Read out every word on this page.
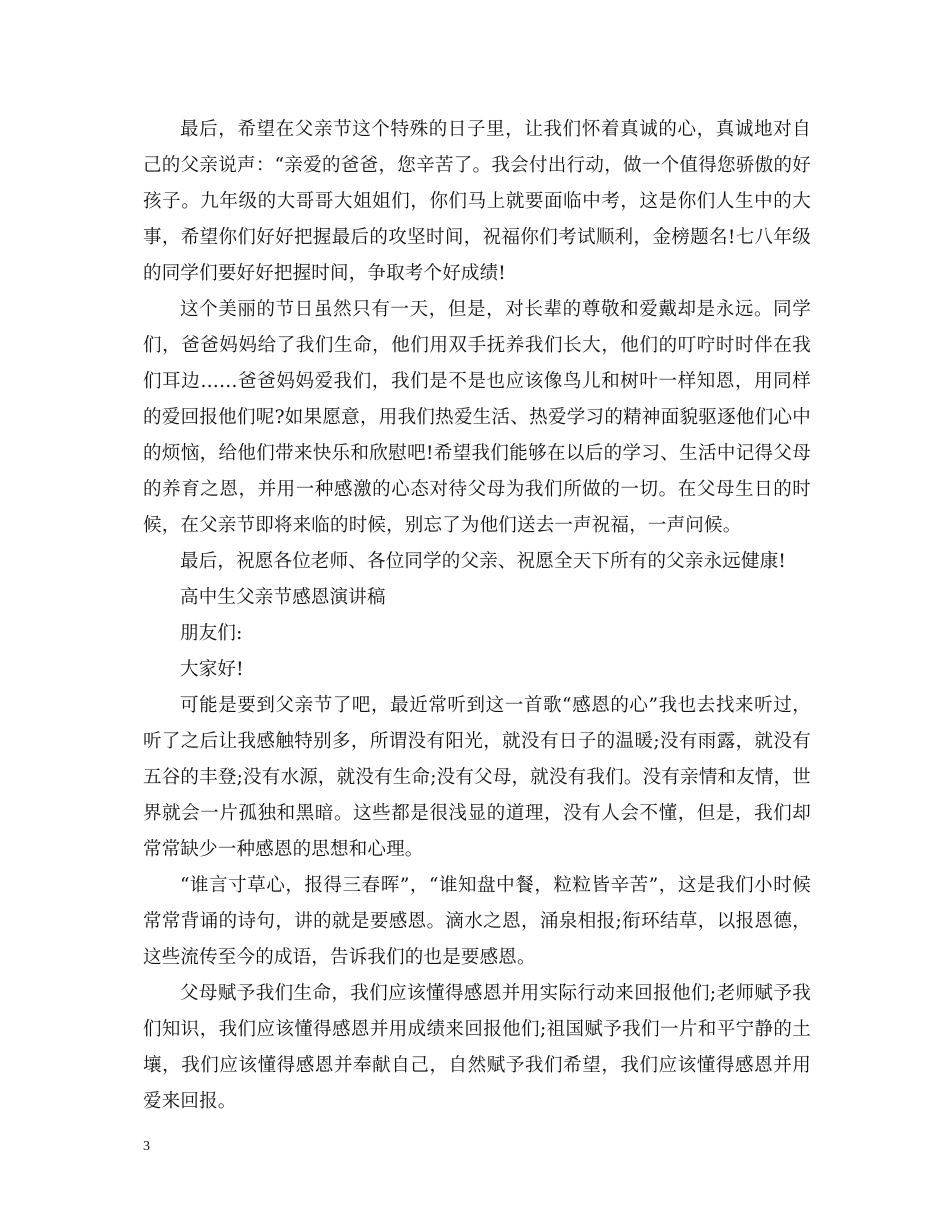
最后，希望在父亲节这个特殊的日子里，让我们怀着真诚的心，真诚地对自己的父亲说声：“亲爱的爸爸，您辛苦了。我会付出行动，做一个值得您骄傲的好孩子。九年级的大哥哥大姐姐们，你们马上就要面临中考，这是你们人生中的大事，希望你们好好把握最后的攻坚时间，祝福你们考试顺利，金榜题名!七八年级的同学们要好好把握时间，争取考个好成绩!

这个美丽的节日虽然只有一天，但是，对长辈的尊敬和爱戴却是永远。同学们，爸爸妈妈给了我们生命，他们用双手抚养我们长大，他们的叮咛时时伴在我们耳边……爸爸妈妈爱我们，我们是不是也应该像鸟儿和树叶一样知恩，用同样的爱回报他们呢?如果愿意，用我们热爱生活、热爱学习的精神面貌驱逐他们心中的烦恼，给他们带来快乐和欣慰吧!希望我们能够在以后的学习、生活中记得父母的养育之恩，并用一种感激的心态对待父母为我们所做的一切。在父母生日的时候，在父亲节即将来临的时候，别忘了为他们送去一声祝福，一声问候。

最后，祝愿各位老师、各位同学的父亲、祝愿全天下所有的父亲永远健康!

高中生父亲节感恩演讲稿

朋友们:

大家好!

可能是要到父亲节了吧，最近常听到这一首歌“感恩的心”我也去找来听过，听了之后让我感触特别多，所谓没有阳光，就没有日子的温暖;没有雨露，就没有五谷的丰登;没有水源，就没有生命;没有父母，就没有我们。没有亲情和友情，世界就会一片孤独和黑暗。这些都是很浅显的道理，没有人会不懂，但是，我们却常常缺少一种感恩的思想和心理。

“谁言寸草心，报得三春晖”，“谁知盘中餐，粒粒皆辛苦”，这是我们小时候常常背诵的诗句，讲的就是要感恩。滴水之恩，涌泉相报;衔环结草，以报恩德，这些流传至今的成语，告诉我们的也是要感恩。

父母赋予我们生命，我们应该懂得感恩并用实际行动来回报他们;老师赋予我们知识，我们应该懂得感恩并用成绩来回报他们;祖国赋予我们一片和平宁静的土壤，我们应该懂得感恩并奉献自己，自然赋予我们希望，我们应该懂得感恩并用爱来回报。

3
